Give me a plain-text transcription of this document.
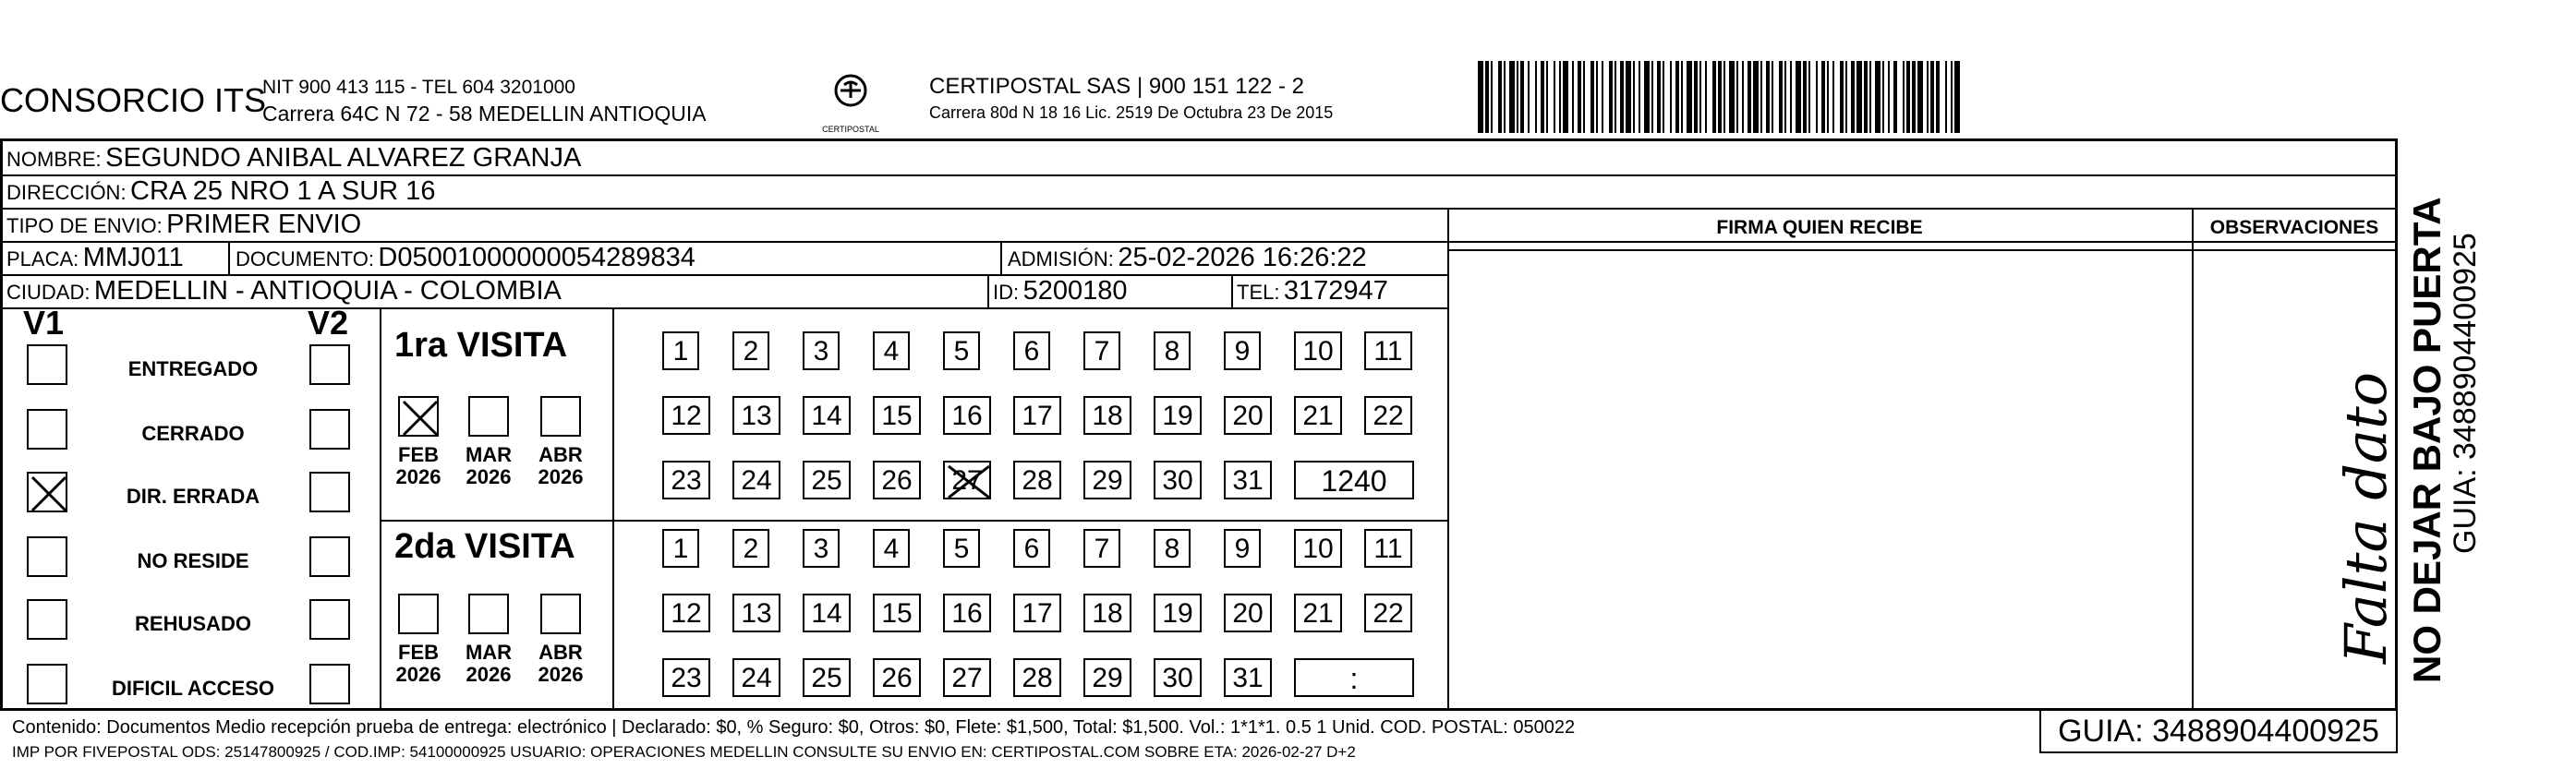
CONSORCIO ITS
NIT 900 413 115 - TEL 604 3201000
Carrera 64C N 72 - 58 MEDELLIN ANTIOQUIA
CERTIPOSTAL
CERTIPOSTAL SAS | 900 151 122 - 2
Carrera 80d N 18 16 Lic. 2519 De Octubra 23 De 2015
NOMBRE: SEGUNDO ANIBAL ALVAREZ GRANJA
DIRECCIÓN: CRA 25 NRO 1 A SUR 16
TIPO DE ENVIO: PRIMER ENVIO	FIRMA QUIEN RECIBE	OBSERVACIONES
PLACA: MMJ011	DOCUMENTO: D05001000000054289834	ADMISIÓN: 25-02-2026 16:26:22
CIUDAD: MEDELLIN - ANTIOQUIA - COLOMBIA	ID: 5200180	TEL: 3172947
V1	V2
ENTREGADO
CERRADO
DIR. ERRADA
NO RESIDE
REHUSADO
DIFICIL ACCESO
1ra VISITA
FEB
2026
MAR
2026
ABR
2026
1	2	3	4	5	6	7	8	9	10	11
12	13	14	15	16	17	18	19	20	21	22
23	24	25	26	27	28	29	30	31	1240
2da VISITA
FEB
2026
MAR
2026
ABR
2026
1	2	3	4	5	6	7	8	9	10	11
12	13	14	15	16	17	18	19	20	21	22
23	24	25	26	27	28	29	30	31	:
Falta dato
Contenido: Documentos Medio recepción prueba de entrega: electrónico | Declarado: $0, % Seguro: $0, Otros: $0, Flete: $1,500, Total: $1,500. Vol.: 1*1*1. 0.5 1 Unid. COD. POSTAL: 050022
IMP POR FIVEPOSTAL ODS: 25147800925 / COD.IMP: 54100000925 USUARIO: OPERACIONES MEDELLIN CONSULTE SU ENVIO EN: CERTIPOSTAL.COM SOBRE ETA: 2026-02-27 D+2
GUIA: 3488904400925
NO DEJAR BAJO PUERTA GUIA: 3488904400925
